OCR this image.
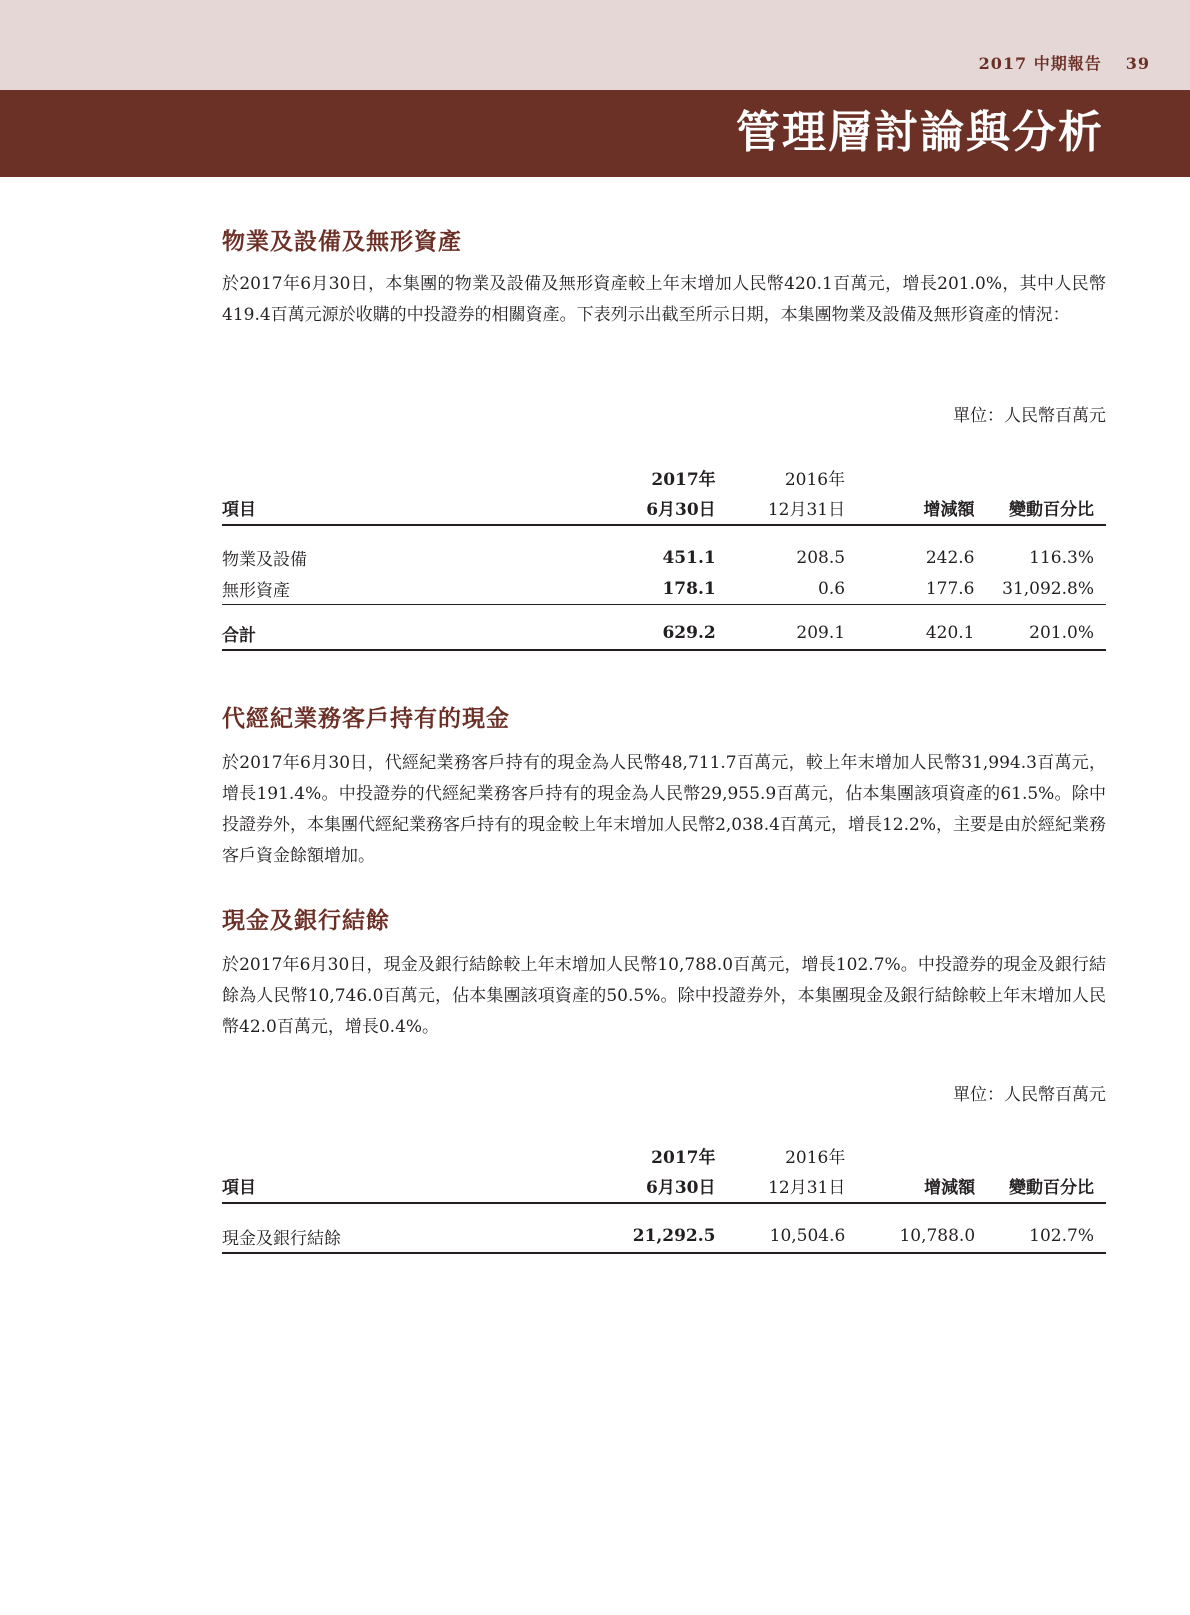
2017 中期報告 39
管理層討論與分析
物業及設備及無形資產
於2017年6月30日，本集團的物業及設備及無形資產較上年末增加人民幣420.1百萬元，增長201.0%，其中人民幣419.4百萬元源於收購的中投證券的相關資產。下表列示出截至所示日期，本集團物業及設備及無形資產的情況：
單位：人民幣百萬元
	2017年	2016年		
項目	6月30日	12月31日	增減額	變動百分比

物業及設備	451.1	208.5	242.6	116.3%
無形資產	178.1	0.6	177.6	31,092.8%

合計	629.2	209.1	420.1	201.0%
代經紀業務客戶持有的現金
於2017年6月30日，代經紀業務客戶持有的現金為人民幣48,711.7百萬元，較上年末增加人民幣31,994.3百萬元，增長191.4%。中投證券的代經紀業務客戶持有的現金為人民幣29,955.9百萬元，佔本集團該項資產的61.5%。除中投證券外，本集團代經紀業務客戶持有的現金較上年末增加人民幣2,038.4百萬元，增長12.2%，主要是由於經紀業務客戶資金餘額增加。
現金及銀行結餘
於2017年6月30日，現金及銀行結餘較上年末增加人民幣10,788.0百萬元，增長102.7%。中投證券的現金及銀行結餘為人民幣10,746.0百萬元，佔本集團該項資產的50.5%。除中投證券外，本集團現金及銀行結餘較上年末增加人民幣42.0百萬元，增長0.4%。
單位：人民幣百萬元
	2017年	2016年		
項目	6月30日	12月31日	增減額	變動百分比

現金及銀行結餘	21,292.5	10,504.6	10,788.0	102.7%
